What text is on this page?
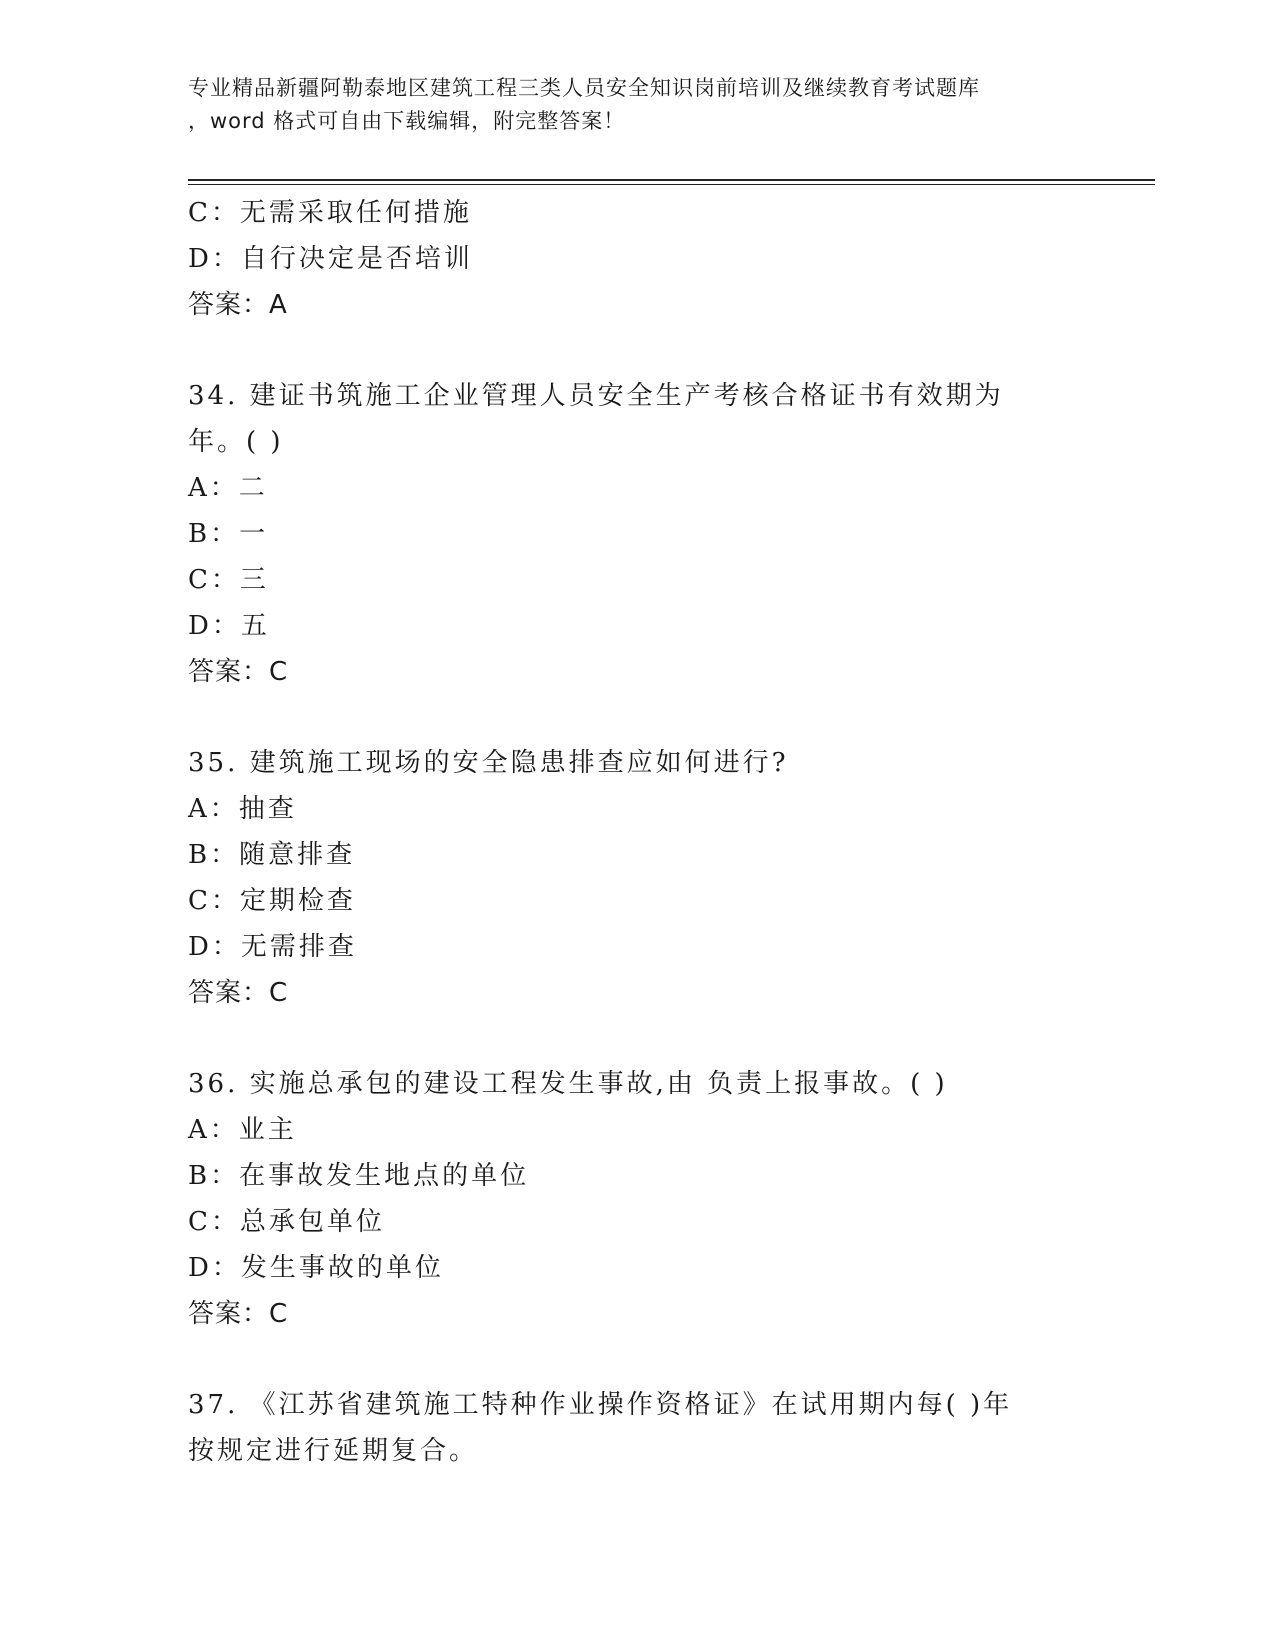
专业精品新疆阿勒泰地区建筑工程三类人员安全知识岗前培训及继续教育考试题库
，word 格式可自由下载编辑，附完整答案！
C：无需采取任何措施
D：自行决定是否培训
答案：A
34. 建证书筑施工企业管理人员安全生产考核合格证书有效期为
年。( )
A：二
B：一
C：三
D：五
答案：C
35. 建筑施工现场的安全隐患排查应如何进行?
A：抽查
B：随意排查
C：定期检查
D：无需排查
答案：C
36. 实施总承包的建设工程发生事故,由 负责上报事故。( )
A：业主
B：在事故发生地点的单位
C：总承包单位
D：发生事故的单位
答案：C
37. 《江苏省建筑施工特种作业操作资格证》在试用期内每( )年
按规定进行延期复合。
